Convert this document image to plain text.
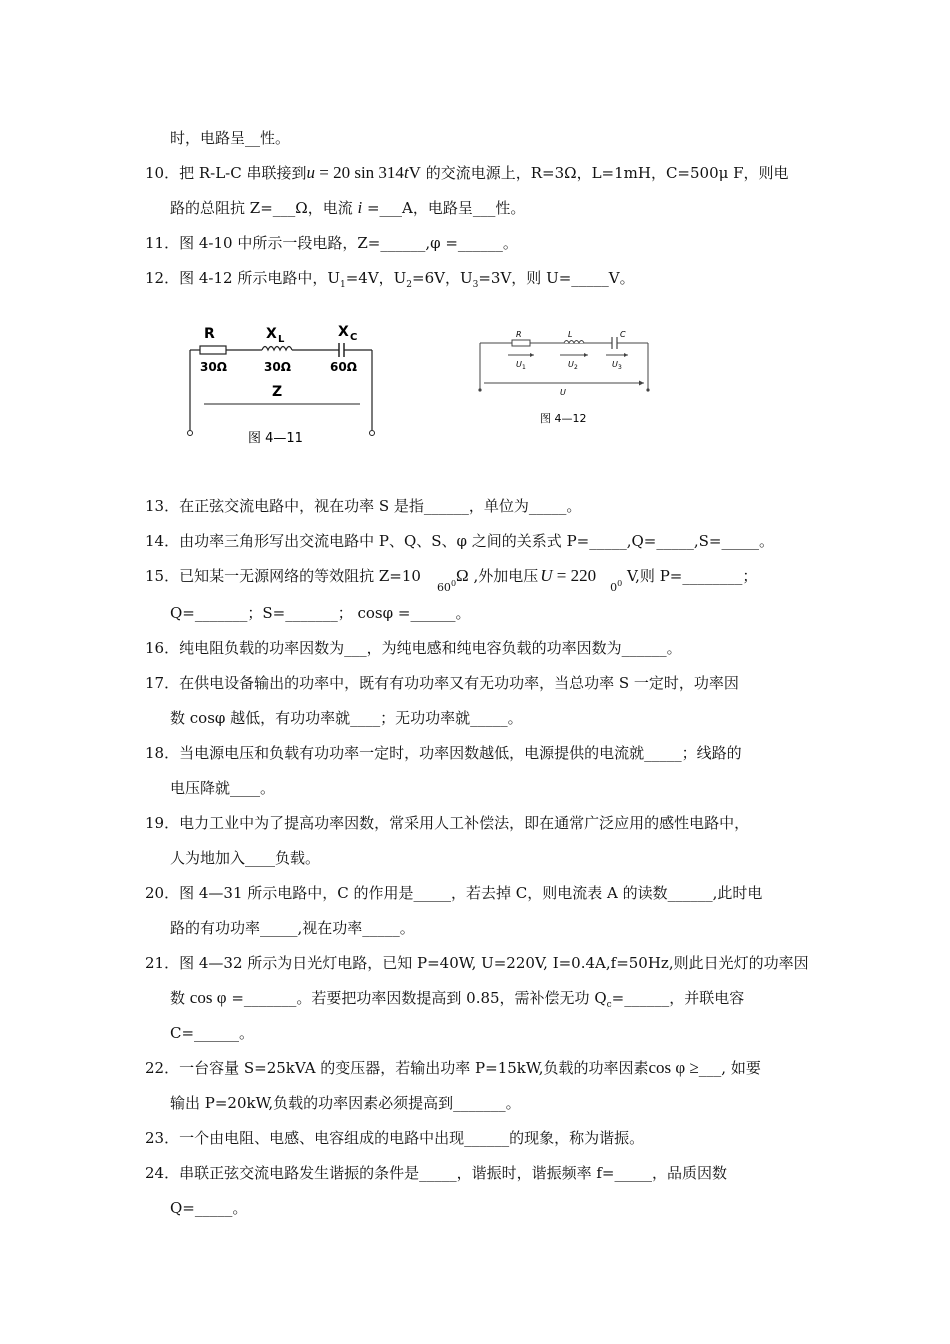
时，电路呈__性。
10．把 R-L-C 串联接到u = 20 sin 314tV 的交流电源上，R=3Ω，L=1mH，C=500μ F，则电
路的总阻抗 Z=___Ω，电流 i =___A，电路呈___性。
11．图 4-10 中所示一段电路，Z=______,φ =______。
12．图 4-12 所示电路中，$U_1=4V$，$U_2=6V$，$U_3=3V$，则 U=_____V。
R	X L	X C
30Ω	30Ω	60Ω
Z
图 4—11
R	L	C
U 1	U 2	U 3
U
图 4—12
13．在正弦交流电路中，视在功率 S 是指______，单位为_____。
14．由功率三角形写出交流电路中 P、Q、S、φ 之间的关系式 P=_____,Q=_____,S=_____。
15．已知某一无源网络的等效阻抗 $Z=10_{600}\Omega$ ,外加电压 $U = 220_{00}$ V,则 P=________；
Q=_______；S=_______； cosφ =______。
16．纯电阻负载的功率因数为___，为纯电感和纯电容负载的功率因数为______。
17．在供电设备输出的功率中，既有有功功率又有无功功率，当总功率 S 一定时，功率因
数 cosφ 越低，有功功率就____；无功功率就_____。
18．当电源电压和负载有功功率一定时，功率因数越低，电源提供的电流就_____；线路的
电压降就____。
19．电力工业中为了提高功率因数，常采用人工补偿法，即在通常广泛应用的感性电路中，
人为地加入____负载。
20．图 4—31 所示电路中，C 的作用是_____，若去掉 C，则电流表 A 的读数______,此时电
路的有功功率_____,视在功率_____。
21．图 4—32 所示为日光灯电路，已知 P=40W, U=220V, I=0.4A,f=50Hz,则此日光灯的功率因
数 cos φ =_______。若要把功率因数提高到 0.85，需补偿无功 $Q_c=\_\_\_\_\_\_$，并联电容
C=______。
22．一台容量 S=25kVA 的变压器，若输出功率 P=15kW,负载的功率因素cos φ ≥___, 如要
输出 P=20kW,负载的功率因素必须提高到_______。
23．一个由电阻、电感、电容组成的电路中出现______的现象，称为谐振。
24．串联正弦交流电路发生谐振的条件是_____，谐振时，谐振频率 f=_____，品质因数
Q=_____。
